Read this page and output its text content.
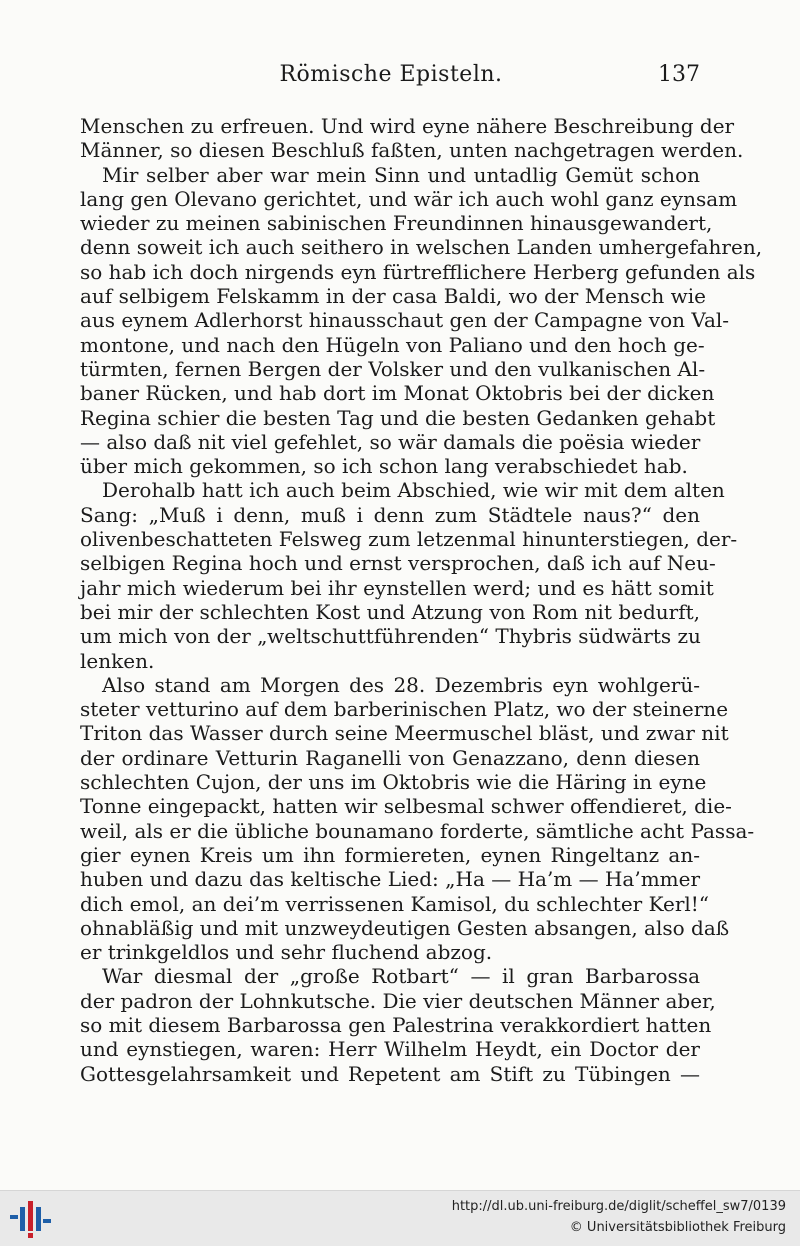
Römische Episteln.	137
Menschen zu erfreuen. Und wird eyne nähere Beschreibung der
Männer, so diesen Beschluß faßten, unten nachgetragen werden.
Mir selber aber war mein Sinn und untadlig Gemüt schon
lang gen Olevano gerichtet, und wär ich auch wohl ganz eynsam
wieder zu meinen sabinischen Freundinnen hinausgewandert,
denn soweit ich auch seithero in welschen Landen umhergefahren,
so hab ich doch nirgends eyn fürtrefflichere Herberg gefunden als
auf selbigem Felskamm in der casa Baldi, wo der Mensch wie
aus eynem Adlerhorst hinausschaut gen der Campagne von Val-
montone, und nach den Hügeln von Paliano und den hoch ge-
türmten, fernen Bergen der Volsker und den vulkanischen Al-
baner Rücken, und hab dort im Monat Oktobris bei der dicken
Regina schier die besten Tag und die besten Gedanken gehabt
— also daß nit viel gefehlet, so wär damals die poësia wieder
über mich gekommen, so ich schon lang verabschiedet hab.
Derohalb hatt ich auch beim Abschied, wie wir mit dem alten
Sang: „Muß i denn, muß i denn zum Städtele naus?“ den
olivenbeschatteten Felsweg zum letzenmal hinunterstiegen, der-
selbigen Regina hoch und ernst versprochen, daß ich auf Neu-
jahr mich wiederum bei ihr eynstellen werd; und es hätt somit
bei mir der schlechten Kost und Atzung von Rom nit bedurft,
um mich von der „weltschuttführenden“ Thybris südwärts zu
lenken.
Also stand am Morgen des 28. Dezembris eyn wohlgerü-
steter vetturino auf dem barberinischen Platz, wo der steinerne
Triton das Wasser durch seine Meermuschel bläst, und zwar nit
der ordinare Vetturin Raganelli von Genazzano, denn diesen
schlechten Cujon, der uns im Oktobris wie die Häring in eyne
Tonne eingepackt, hatten wir selbesmal schwer offendieret, die-
weil, als er die übliche bounamano forderte, sämtliche acht Passa-
gier eynen Kreis um ihn formiereten, eynen Ringeltanz an-
huben und dazu das keltische Lied: „Ha — Ha’m — Ha’mmer
dich emol, an dei’m verrissenen Kamisol, du schlechter Kerl!“
ohnabläßig und mit unzweydeutigen Gesten absangen, also daß
er trinkgeldlos und sehr fluchend abzog.
War diesmal der „große Rotbart“ — il gran Barbarossa
der padron der Lohnkutsche. Die vier deutschen Männer aber,
so mit diesem Barbarossa gen Palestrina verakkordiert hatten
und eynstiegen, waren: Herr Wilhelm Heydt, ein Doctor der
Gottesgelahrsamkeit und Repetent am Stift zu Tübingen —
http://dl.ub.uni-freiburg.de/diglit/scheffel_sw7/0139
© Universitätsbibliothek Freiburg
